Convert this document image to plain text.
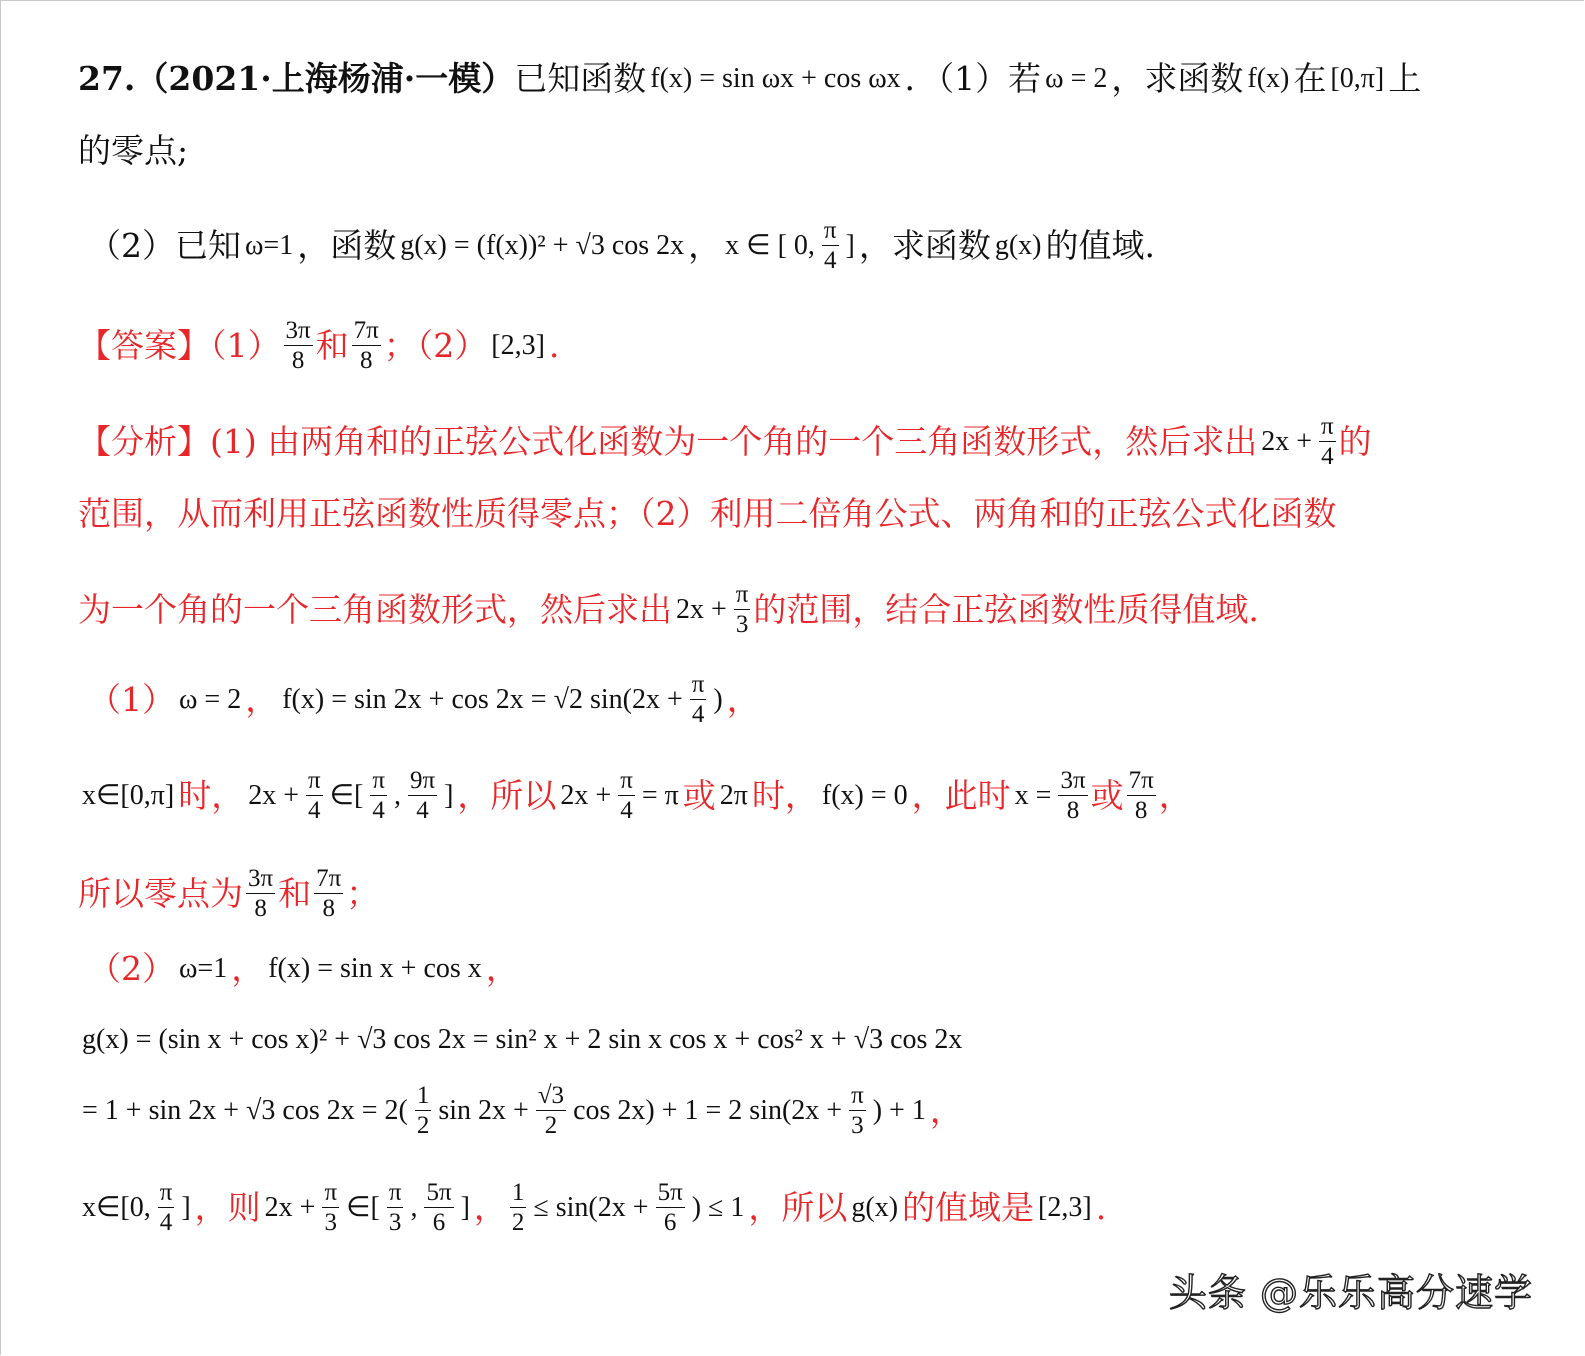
27.（2021·上海杨浦·一模） 已知函数 f(x) = sin ωx + cos ωx ．（1）若 ω = 2 ，求函数 f(x) 在 [0,π] 上
的零点;
（2）已知 ω=1 ，函数 g(x) = (f(x))² + √3 cos 2x ， x ∈ [ 0, $\frac{\pi}{4}$ ] ，求函数 g(x) 的值域.
【答案】$(1) \frac{3\pi}{8}$ 和 $\frac{7\pi}{8}$ ；（2） [2,3] .
【分析】(1) 由两角和的正弦公式化函数为一个角的一个三角函数形式，然后求出 $2x + \frac{\pi}{4}$ 的
范围，从而利用正弦函数性质得零点；（2）利用二倍角公式、两角和的正弦公式化函数
为一个角的一个三角函数形式，然后求出 $2x + \frac{\pi}{3}$ 的范围，结合正弦函数性质得值域.
（1） ω = 2 ， f(x) = sin 2x + cos 2x = √2 $\sin(2x + \frac{\pi}{4}$ ) ，
x∈[0,π] 时， $2x + \frac{\pi}{4}$ ∈[ $\frac{\pi}{4}$ , $\frac{9\pi}{4}$ ] ，所以 $2x + \frac{\pi}{4} = \pi$ 或 2π 时， f(x) = 0 ，此时 $x = \frac{3\pi}{8}$ 或 $\frac{7\pi}{8}$ ，
所以零点为 $\frac{3\pi}{8}$ 和 $\frac{7\pi}{8}$ ；
（2） ω=1 ， f(x) = sin x + cos x ，
g(x) = (sin x + cos x)² + √3 cos 2x = sin² x + 2 sin x cos x + cos² x + √3 cos 2x
= 1 + sin 2x + √3 $\cos 2x = 2( \frac{1}{2}$ $\sin 2x + \frac{√3}{2}$ cos 2x) + 1 = 2 $\sin(2x + \frac{\pi}{3}$ ) + 1 ，
x∈[0, $\frac{\pi}{4}$ ] ，则 $2x + \frac{\pi}{3}$ ∈[ $\frac{\pi}{3}$ , $\frac{5\pi}{6}$ ] ， $\frac{1}{2} \le \sin(2x + \frac{5\pi}{6}$ ) ≤ 1 ，所以 g(x) 的值域是 [2,3] .
头条 @乐乐高分速学
